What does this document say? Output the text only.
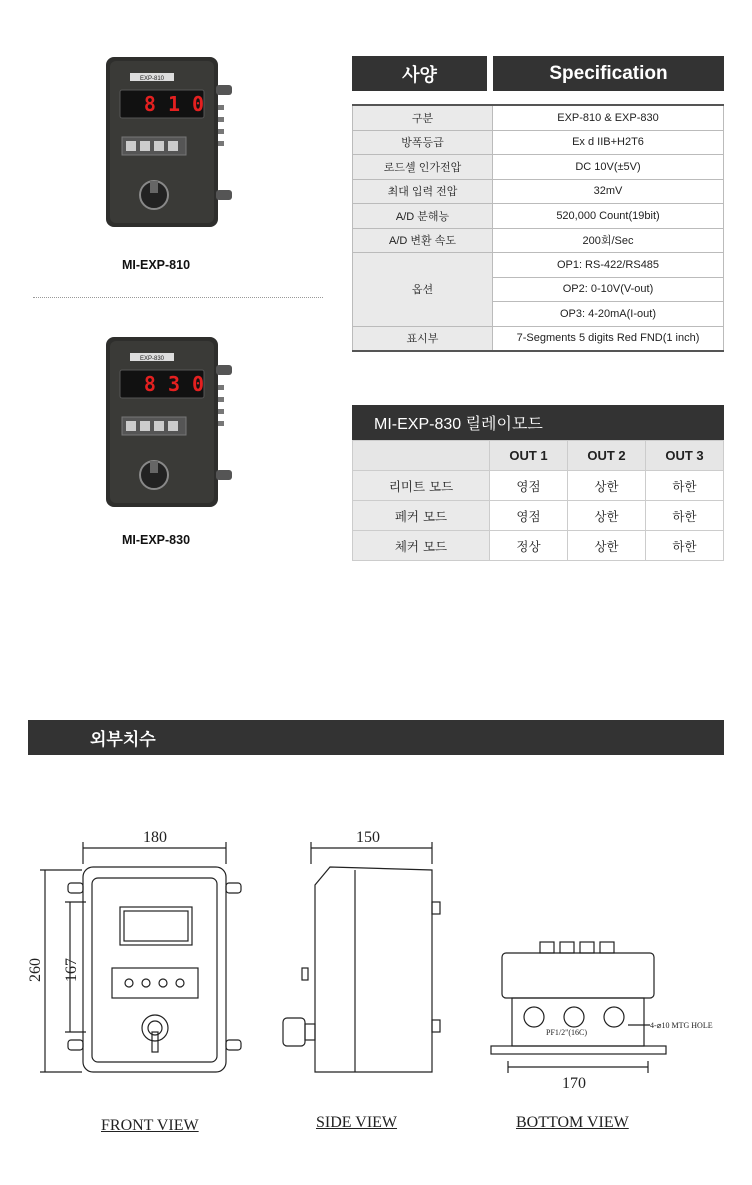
EXP-810
8 1 0
MI-EXP-810
EXP-830
8 3 0
MI-EXP-830
사양	Specification
구분	EXP-810 & EXP-830
방폭등급	Ex d IIB+H2T6
로드셀 인가전압	DC 10V(±5V)
최대 입력 전압	32mV
A/D 분해능	520,000 Count(19bit)
A/D 변환 속도	200회/Sec
옵션	OP1: RS-422/RS485
	OP2: 0-10V(V-out)
	OP3: 4-20mA(I-out)
표시부	7-Segments 5 digits Red FND(1 inch)
MI-EXP-830 릴레이모드
	OUT 1	OUT 2	OUT 3
리미트 모드	영점	상한	하한
페커 모드	영점	상한	하한
체커 모드	정상	상한	하한
외부치수
180
260 167
150
170
PF1/2"(16C)
4-⌀10 MTG HOLE
FRONT VIEW	SIDE VIEW	BOTTOM VIEW
